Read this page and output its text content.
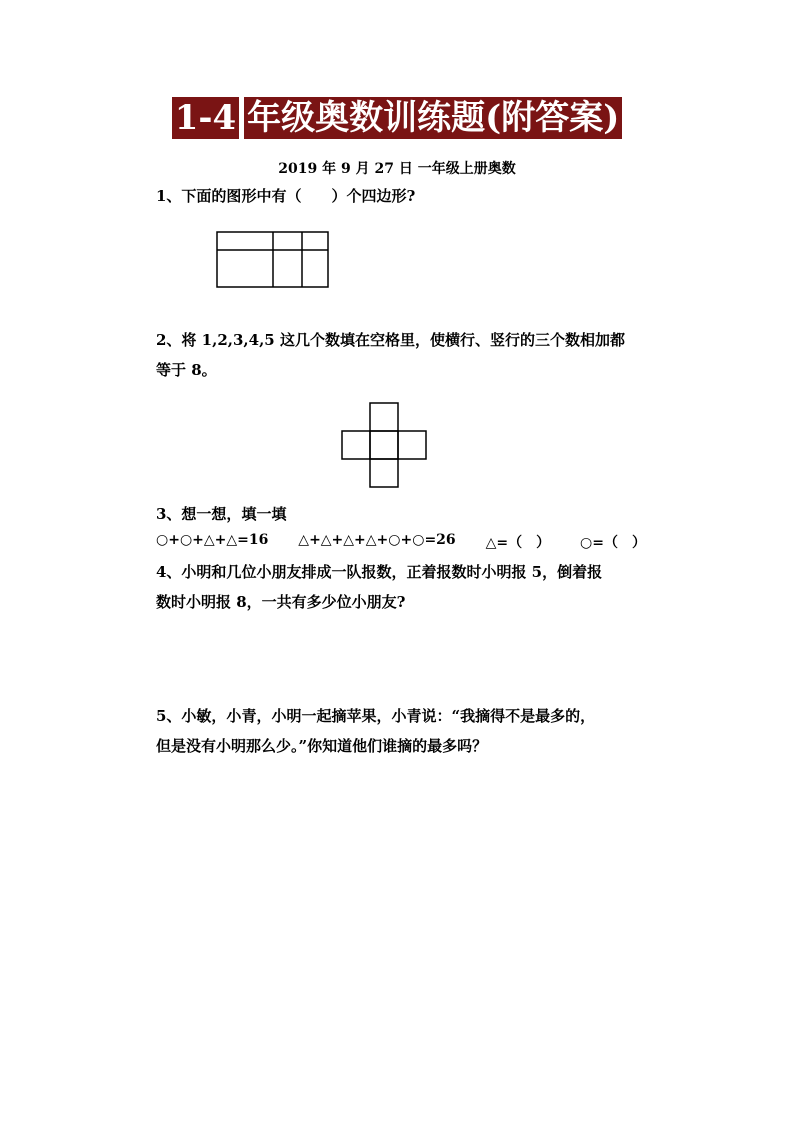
1-4 年级奥数训练题(附答案)
2019 年 9 月 27 日 一年级上册奥数

1、下面的图形中有（　　）个四边形?

2、将 1,2,3,4,5 这几个数填在空格里，使横行、竖行的三个数相加都

等于 8。

3、想一想，填一填

○+○+△+△=16 △+△+△+△+○+○=26 △=（　） ○=（　）

4、小明和几位小朋友排成一队报数，正着报数时小明报 5，倒着报

数时小明报 8，一共有多少位小朋友?

5、小敏，小青，小明一起摘苹果，小青说：“我摘得不是最多的，

但是没有小明那么少。”你知道他们谁摘的最多吗？
